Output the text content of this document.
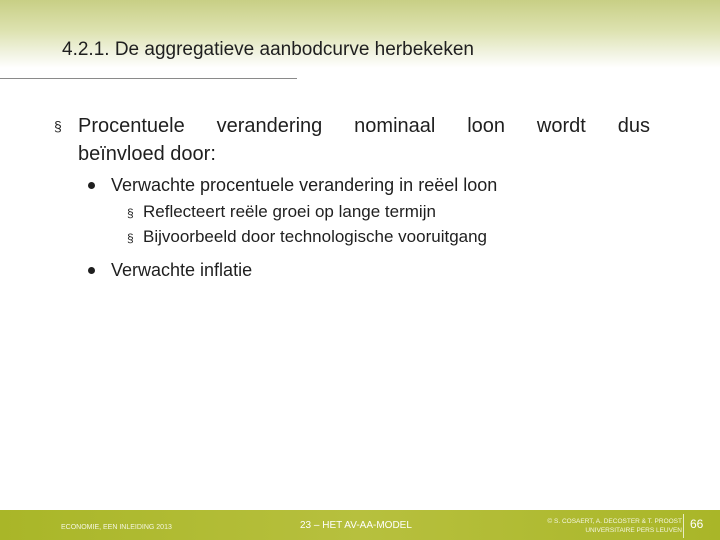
4.2.1. De aggregatieve aanbodcurve herbekeken
§ Procentuele verandering nominaal loon wordt dus
beïnvloed door:
Verwachte procentuele verandering in reëel loon
§ Reflecteert reële groei op lange termijn
§ Bijvoorbeeld door technologische vooruitgang
Verwachte inflatie
ECONOMIE, EEN INLEIDING 2013	23 – HET AV-AA-MODEL	© S. COSAERT, A. DECOSTER & T. PROOST
UNIVERSITAIRE PERS LEUVEN 66
